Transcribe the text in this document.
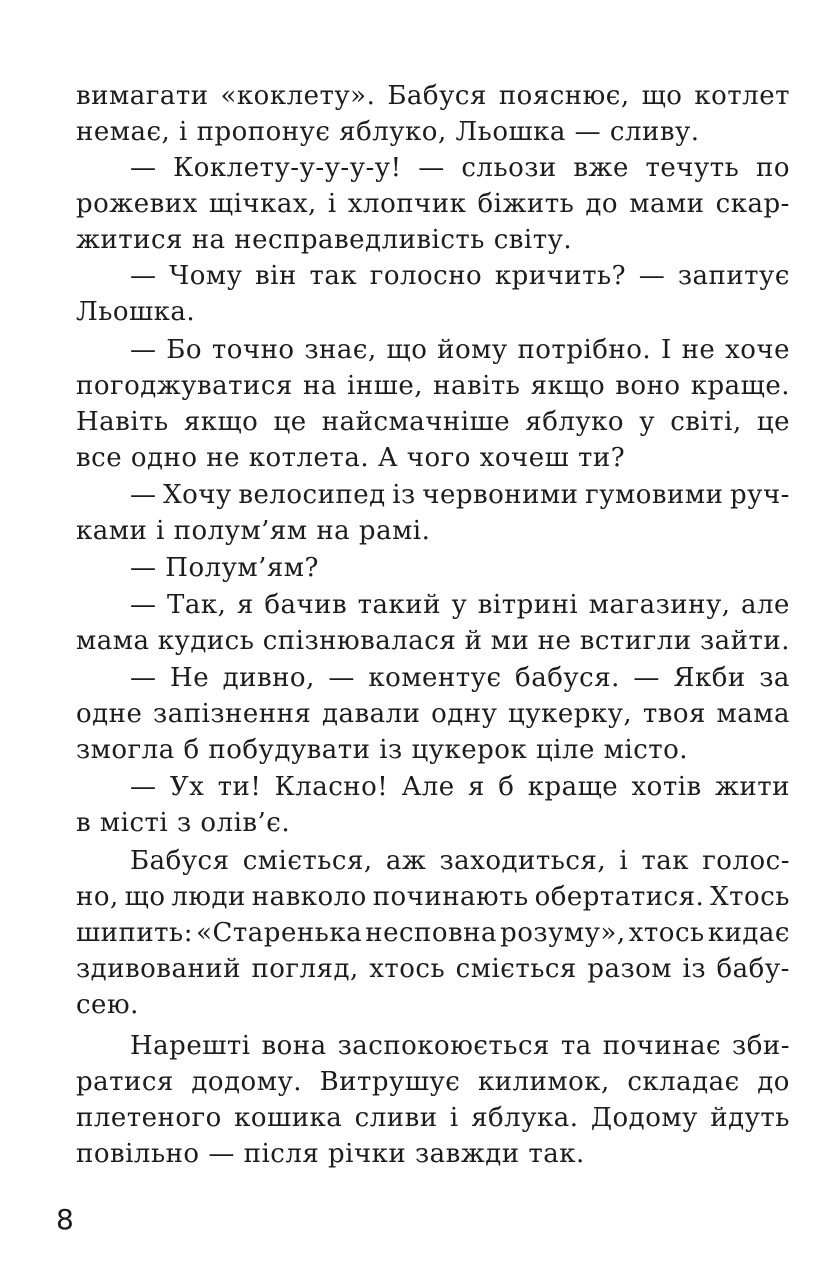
вимагати «коклету». Бабуся пояснює, що котлет
немає, і пропонує яблуко, Льошка — сливу.
— Коклету-у-у-у-у! — сльози вже течуть по
рожевих щічках, і хлопчик біжить до мами скар-
житися на несправедливість світу.
— Чому він так голосно кричить? — запитує
Льошка.
— Бо точно знає, що йому потрібно. І не хоче
погоджуватися на інше, навіть якщо воно краще.
Навіть якщо це найсмачніше яблуко у світі, це
все одно не котлета. А чого хочеш ти?
— Хочу велосипед із червоними гумовими руч-
ками і полум’ям на рамі.
— Полум’ям?
— Так, я бачив такий у вітрині магазину, але
мама кудись спізнювалася й ми не встигли зайти.
— Не дивно, — коментує бабуся. — Якби за
одне запізнення давали одну цукерку, твоя мама
змогла б побудувати із цукерок ціле місто.
— Ух ти! Класно! Але я б краще хотів жити
в місті з олів’є.
Бабуся сміється, аж заходиться, і так голос-
но, що люди навколо починають обертатися. Хтось
шипить: «Старенька несповна розуму», хтось кидає
здивований погляд, хтось сміється разом із бабу-
сею.
Нарешті вона заспокоюється та починає зби-
ратися додому. Витрушує килимок, складає до
плетеного кошика сливи і яблука. Додому йдуть
повільно — після річки завжди так.
8
